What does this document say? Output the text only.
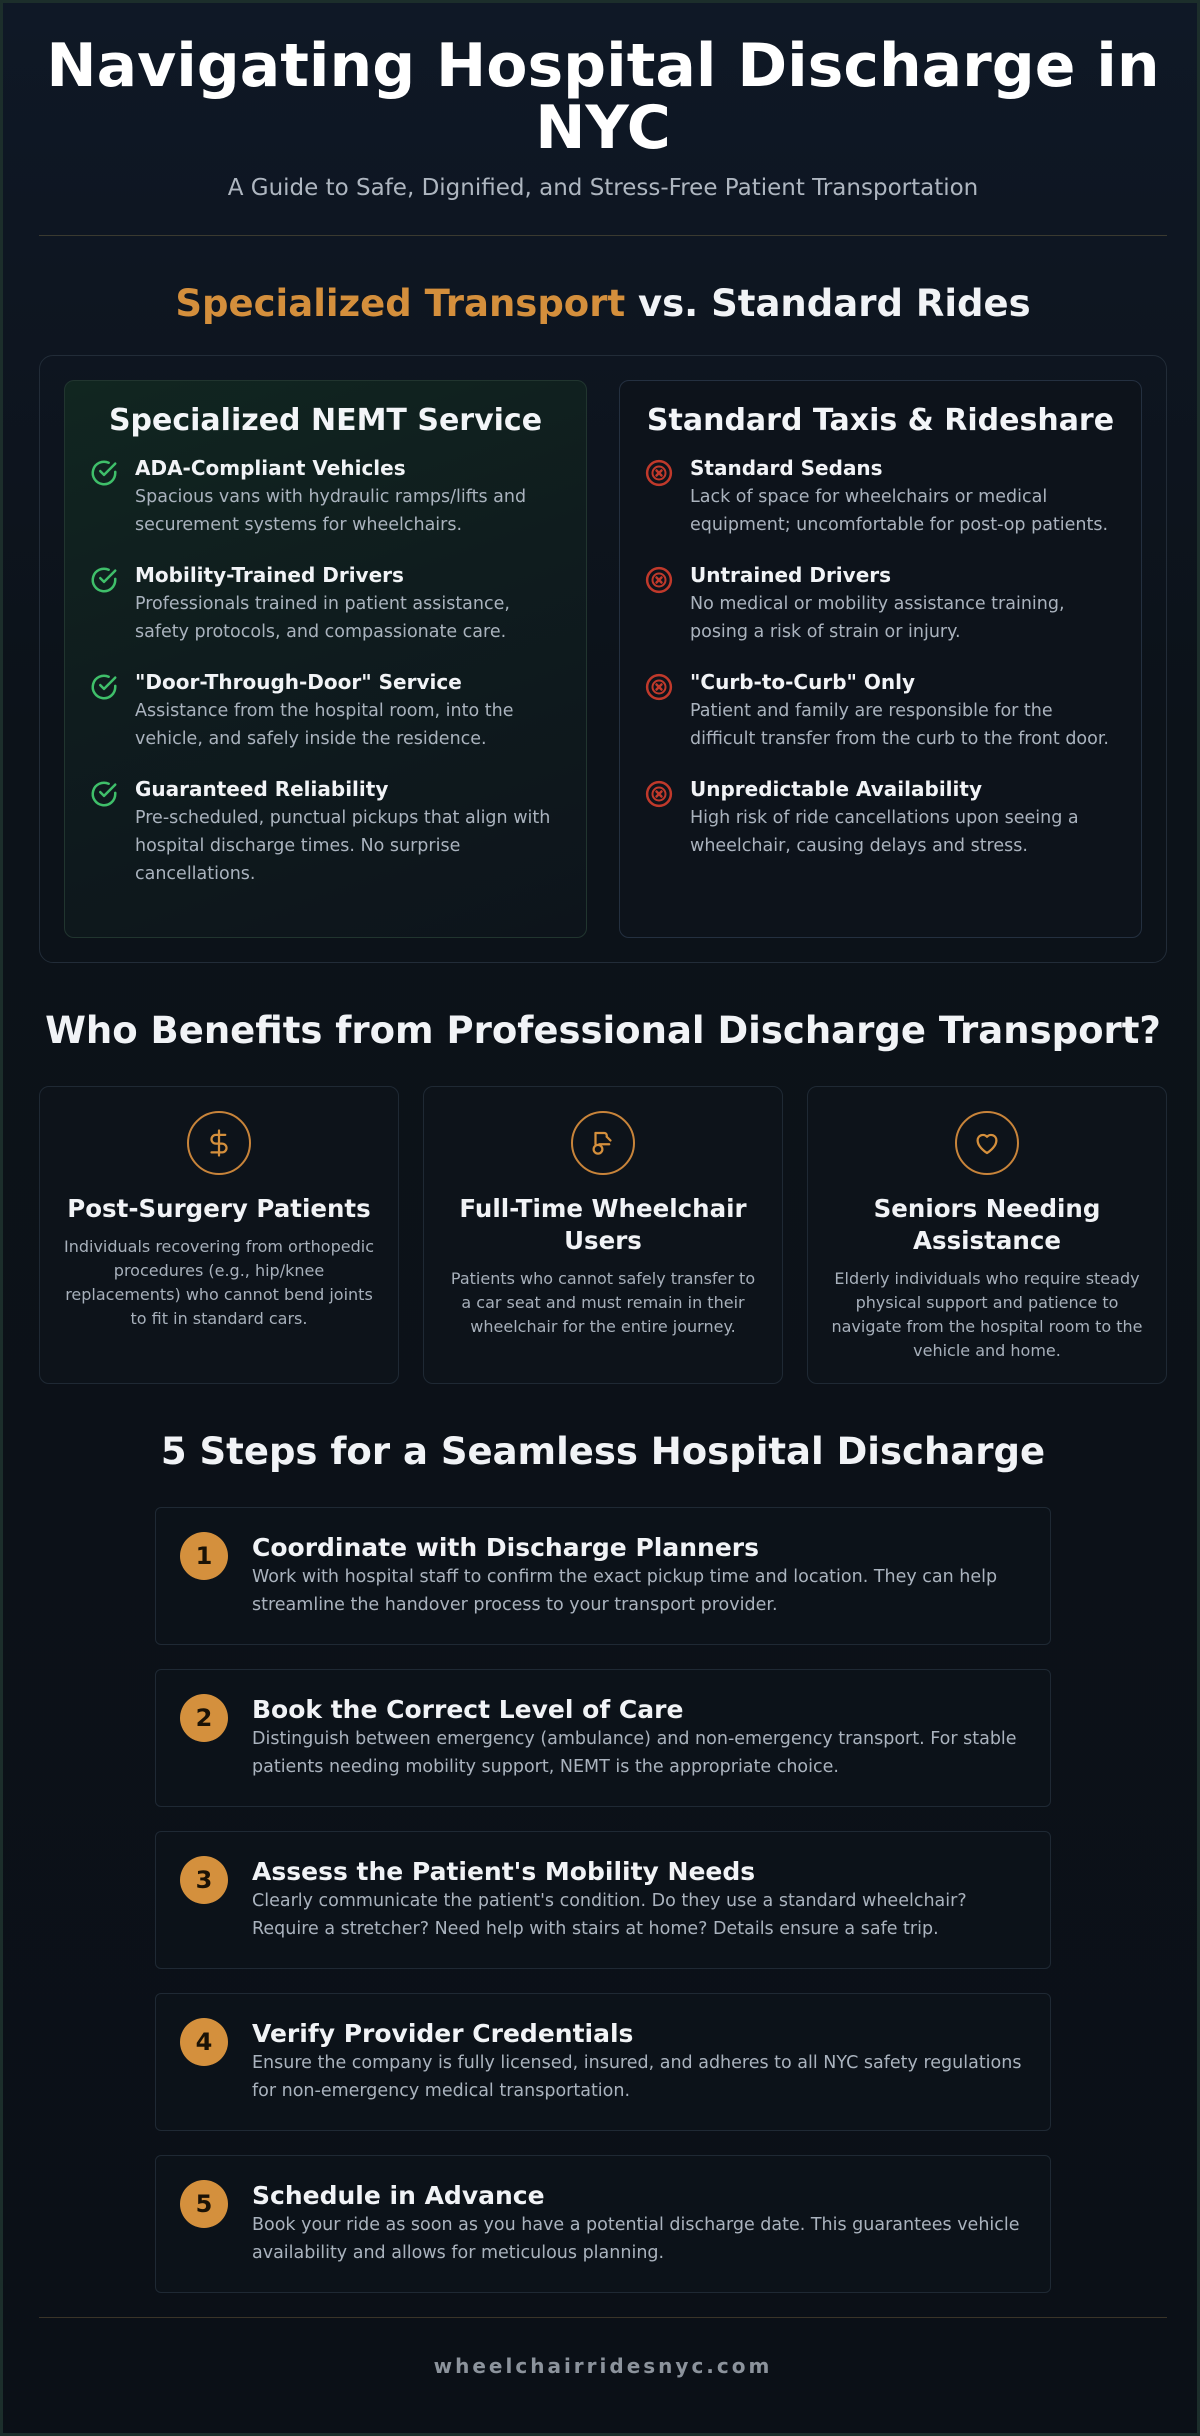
Navigating Hospital Discharge in NYC
A Guide to Safe, Dignified, and Stress-Free Patient Transportation
Specialized Transport vs. Standard Rides
Specialized NEMT Service
ADA-Compliant Vehicles

Spacious vans with hydraulic ramps/lifts and securement systems for wheelchairs.

Mobility-Trained Drivers

Professionals trained in patient assistance, safety protocols, and compassionate care.

"Door-Through-Door" Service

Assistance from the hospital room, into the vehicle, and safely inside the residence.

Guaranteed Reliability

Pre-scheduled, punctual pickups that align with hospital discharge times. No surprise cancellations.

Standard Taxis & Rideshare
Standard Sedans

Lack of space for wheelchairs or medical equipment; uncomfortable for post-op patients.

Untrained Drivers

No medical or mobility assistance training, posing a risk of strain or injury.

"Curb-to-Curb" Only

Patient and family are responsible for the difficult transfer from the curb to the front door.

Unpredictable Availability

High risk of ride cancellations upon seeing a wheelchair, causing delays and stress.

Who Benefits from Professional Discharge Transport?
Post-Surgery Patients

Individuals recovering from orthopedic procedures (e.g., hip/knee replacements) who cannot bend joints to fit in standard cars.

Full-Time Wheelchair Users

Patients who cannot safely transfer to a car seat and must remain in their wheelchair for the entire journey.

Seniors Needing Assistance

Elderly individuals who require steady physical support and patience to navigate from the hospital room to the vehicle and home.

5 Steps for a Seamless Hospital Discharge
1	Coordinate with Discharge Planners

Work with hospital staff to confirm the exact pickup time and location. They can help streamline the handover process to your transport provider.

2	Book the Correct Level of Care

Distinguish between emergency (ambulance) and non-emergency transport. For stable patients needing mobility support, NEMT is the appropriate choice.

3	Assess the Patient's Mobility Needs

Clearly communicate the patient's condition. Do they use a standard wheelchair? Require a stretcher? Need help with stairs at home? Details ensure a safe trip.

4	Verify Provider Credentials

Ensure the company is fully licensed, insured, and adheres to all NYC safety regulations for non-emergency medical transportation.

5	Schedule in Advance

Book your ride as soon as you have a potential discharge date. This guarantees vehicle availability and allows for meticulous planning.

wheelchairridesnyc.com
